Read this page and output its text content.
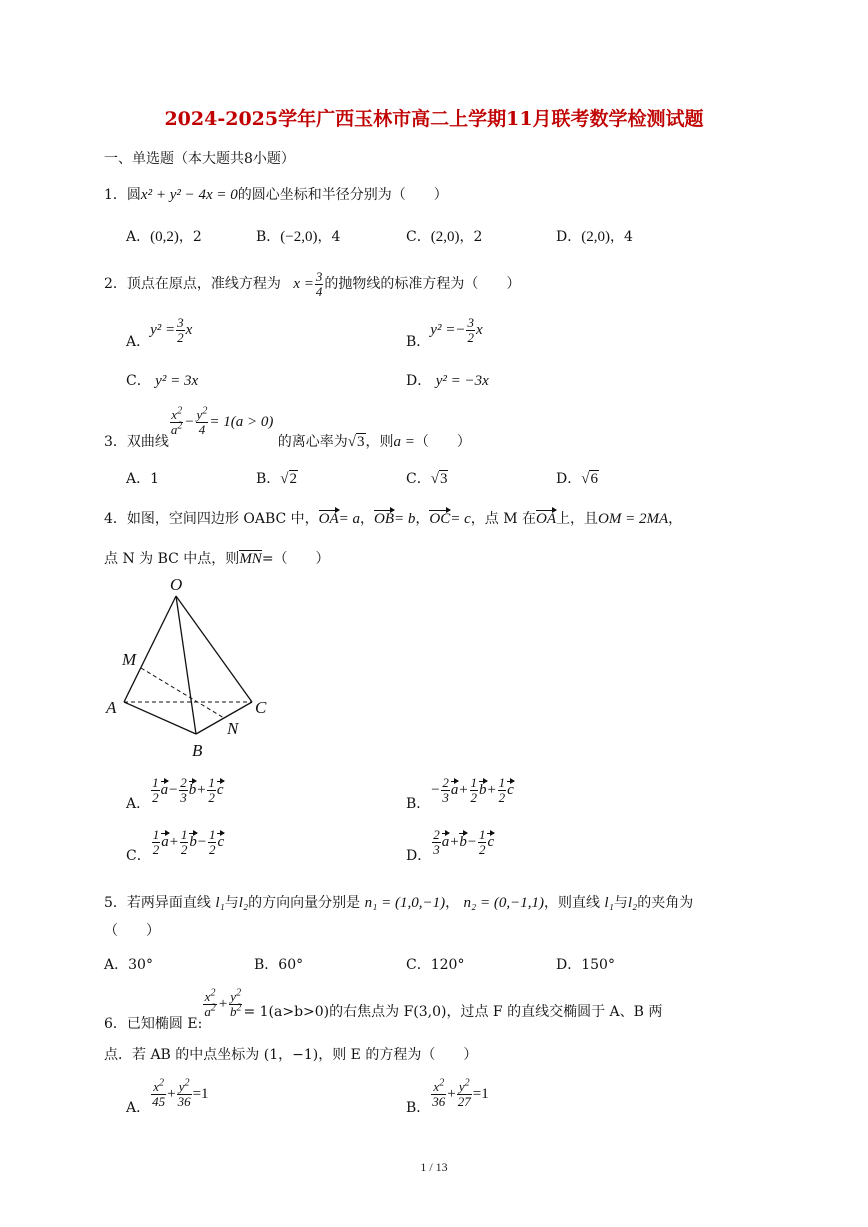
2024-2025学年广西玉林市高二上学期11月联考数学检测试题
一、单选题（本大题共8小题）
1．圆x² + y² − 4x = 0的圆心坐标和半径分别为（　　）
A．(0,2)，2	B．(−2,0)，4	C．(2,0)，2	D．(2,0)，4
2．顶点在原点，准线方程为 $x = \frac{3}{4}$ 的抛物线的标准方程为（　　）
A．$y^2 = \frac{3}{2}$ x
B．$y^2 =- \frac{3}{2}$ x
C． y² = 3x	D． y² = −3x
3．双曲线
$\frac{x^2}{a^2} - \frac{y^2}{4} = 1(a > 0)$ 的离心率为√3，则a =（　　）
A．1	B．√2	C．√3	D．√6
4．如图，空间四边形 OABC 中，OA= a，OB= b，OC= c，点 M 在OA上，且OM = 2MA，
点 N 为 BC 中点，则MN=（　　）
O
M
A
B
C
N
A． $\frac{1}{2} a- \frac{2}{3} b+ \frac{1}{2}$ c
B．− $\frac{2}{3} a+ \frac{1}{2} b+ \frac{1}{2}$ c
C． $\frac{1}{2} a+ \frac{1}{2} b- \frac{1}{2}$ c
D． $\frac{2}{3} a+b- \frac{1}{2}$ c
5．若两异面直线 l₁与l₂的方向向量分别是 n₁ = (1,0,−1)， n₂ = (0,−1,1)，则直线 l₁与l₂的夹角为
（　　）
A．30°	B．60°	C．120°	D．150°
6．已知椭圆 E:
$\frac{x^2}{a^2} + \frac{y^2}{b^2} = 1(a>b>0)$的右焦点为 F(3,0)，过点 F 的直线交椭圆于 A、B 两
点．若 AB 的中点坐标为 (1，−1)，则 E 的方程为（　　）
A． $\frac{x^2}{45} + \frac{y^2}{36} =1$
B． $\frac{x^2}{36} + \frac{y^2}{27} =1$
1 / 13
